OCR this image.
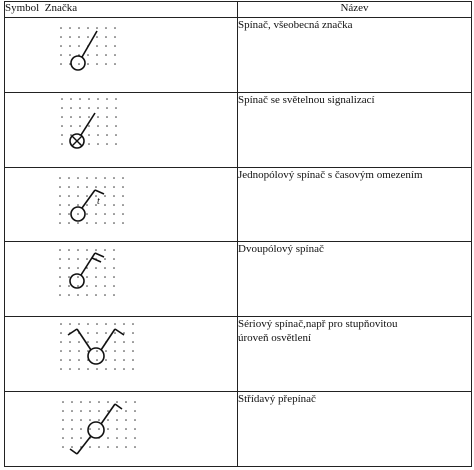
Symbol Značka	Název

Spínač, všeobecná značka

Spínač se světelnou signalizací

t	Jednopólový spínač s časovým omezením

Dvoupólový spínač

Sériový spínač,např pro stupňovitou
úroveň osvětlení

Střídavý přepínač
